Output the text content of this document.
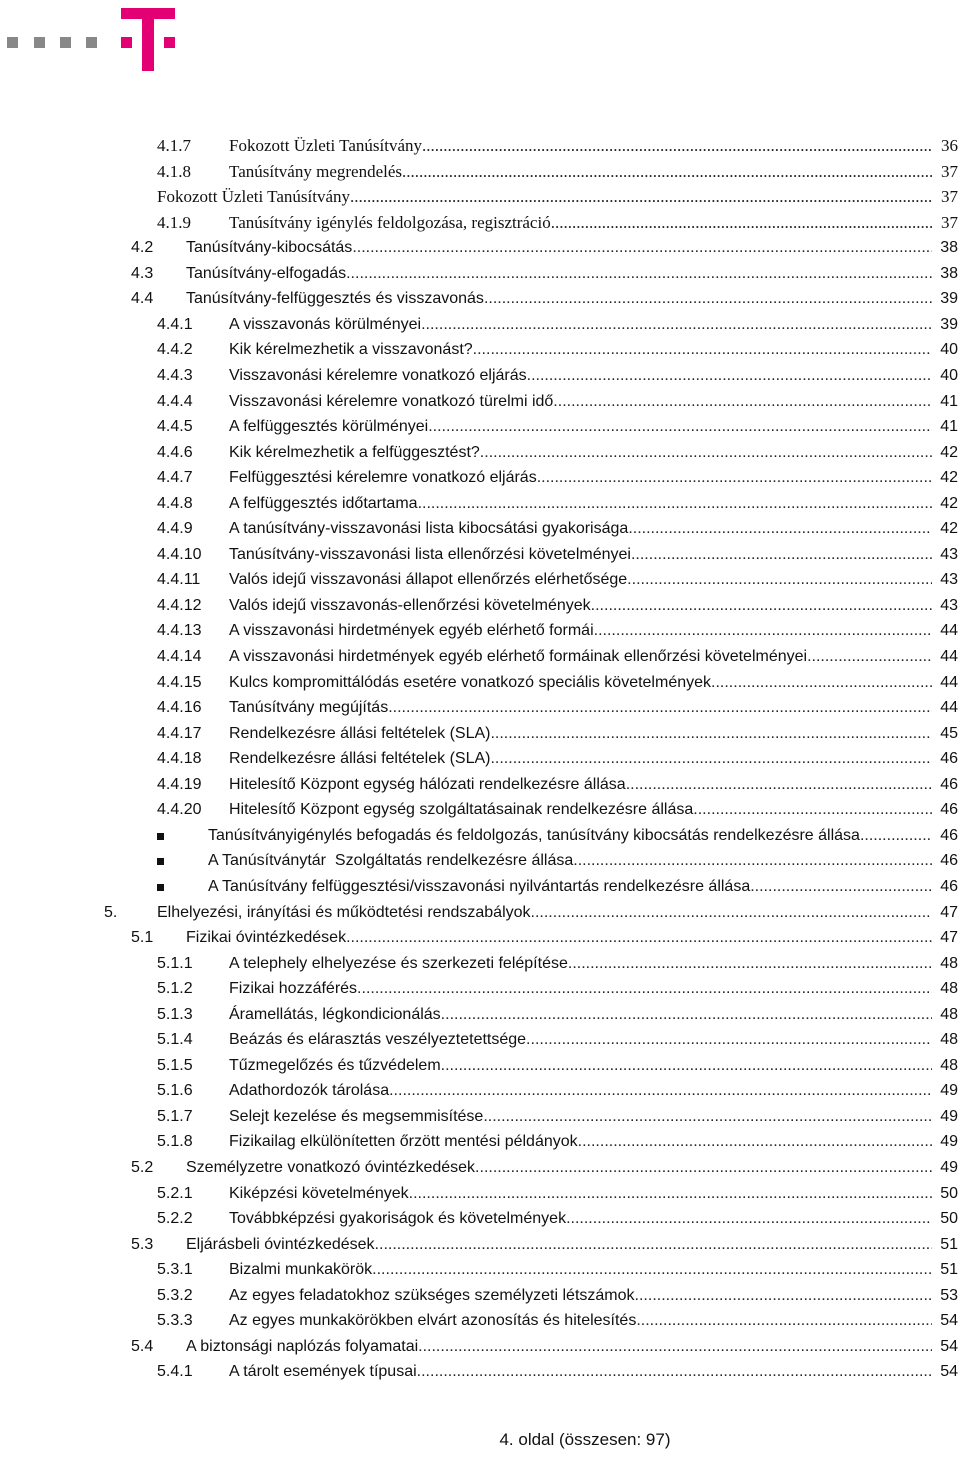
4.1.7 Fokozott Üzleti Tanúsítvány .....	36
4.1.8 Tanúsítvány megrendelés .....	37
Fokozott Üzleti Tanúsítvány .....	37
4.1.9 Tanúsítvány igénylés feldolgozása, regisztráció .....	37
4.2 Tanúsítvány-kibocsátás .....	38
4.3 Tanúsítvány-elfogadás .....	38
4.4 Tanúsítvány-felfüggesztés és visszavonás .....	39
4.4.1 A visszavonás körülményei .....	39
4.4.2 Kik kérelmezhetik a visszavonást? .....	40
4.4.3 Visszavonási kérelemre vonatkozó eljárás .....	40
4.4.4 Visszavonási kérelemre vonatkozó türelmi idő .....	41
4.4.5 A felfüggesztés körülményei .....	41
4.4.6 Kik kérelmezhetik a felfüggesztést? .....	42
4.4.7 Felfüggesztési kérelemre vonatkozó eljárás .....	42
4.4.8 A felfüggesztés időtartama .....	42
4.4.9 A tanúsítvány-visszavonási lista kibocsátási gyakorisága .....	42
4.4.10 Tanúsítvány-visszavonási lista ellenőrzési követelményei .....	43
4.4.11 Valós idejű visszavonási állapot ellenőrzés elérhetősége .....	43
4.4.12 Valós idejű visszavonás-ellenőrzési követelmények .....	43
4.4.13 A visszavonási hirdetmények egyéb elérhető formái .....	44
4.4.14 A visszavonási hirdetmények egyéb elérhető formáinak ellenőrzési követelményei .....	44
4.4.15 Kulcs kompromittálódás esetére vonatkozó speciális követelmények .....	44
4.4.16 Tanúsítvány megújítás .....	44
4.4.17 Rendelkezésre állási feltételek (SLA) .....	45
4.4.18 Rendelkezésre állási feltételek (SLA) .....	46
4.4.19 Hitelesítő Központ egység hálózati rendelkezésre állása .....	46
4.4.20 Hitelesítő Központ egység szolgáltatásainak rendelkezésre állása .....	46
Tanúsítványigénylés befogadás és feldolgozás, tanúsítvány kibocsátás rendelkezésre állása .....	46
A Tanúsítványtár  Szolgáltatás rendelkezésre állása .....	46
A Tanúsítvány felfüggesztési/visszavonási nyilvántartás rendelkezésre állása .....	46
5. Elhelyezési, irányítási és működtetési rendszabályok .....	47
5.1 Fizikai óvintézkedések .....	47
5.1.1 A telephely elhelyezése és szerkezeti felépítése .....	48
5.1.2 Fizikai hozzáférés .....	48
5.1.3 Áramellátás, légkondicionálás .....	48
5.1.4 Beázás és elárasztás veszélyeztetettsége .....	48
5.1.5 Tűzmegelőzés és tűzvédelem .....	48
5.1.6 Adathordozók tárolása .....	49
5.1.7 Selejt kezelése és megsemmisítése .....	49
5.1.8 Fizikailag elkülönítetten őrzött mentési példányok .....	49
5.2 Személyzetre vonatkozó óvintézkedések .....	49
5.2.1 Kiképzési követelmények .....	50
5.2.2 Továbbképzési gyakoriságok és követelmények .....	50
5.3 Eljárásbeli óvintézkedések .....	51
5.3.1 Bizalmi munkakörök .....	51
5.3.2 Az egyes feladatokhoz szükséges személyzeti létszámok .....	53
5.3.3 Az egyes munkakörökben elvárt azonosítás és hitelesítés .....	54
5.4 A biztonsági naplózás folyamatai .....	54
5.4.1 A tárolt események típusai .....	54
4. oldal (összesen: 97)
